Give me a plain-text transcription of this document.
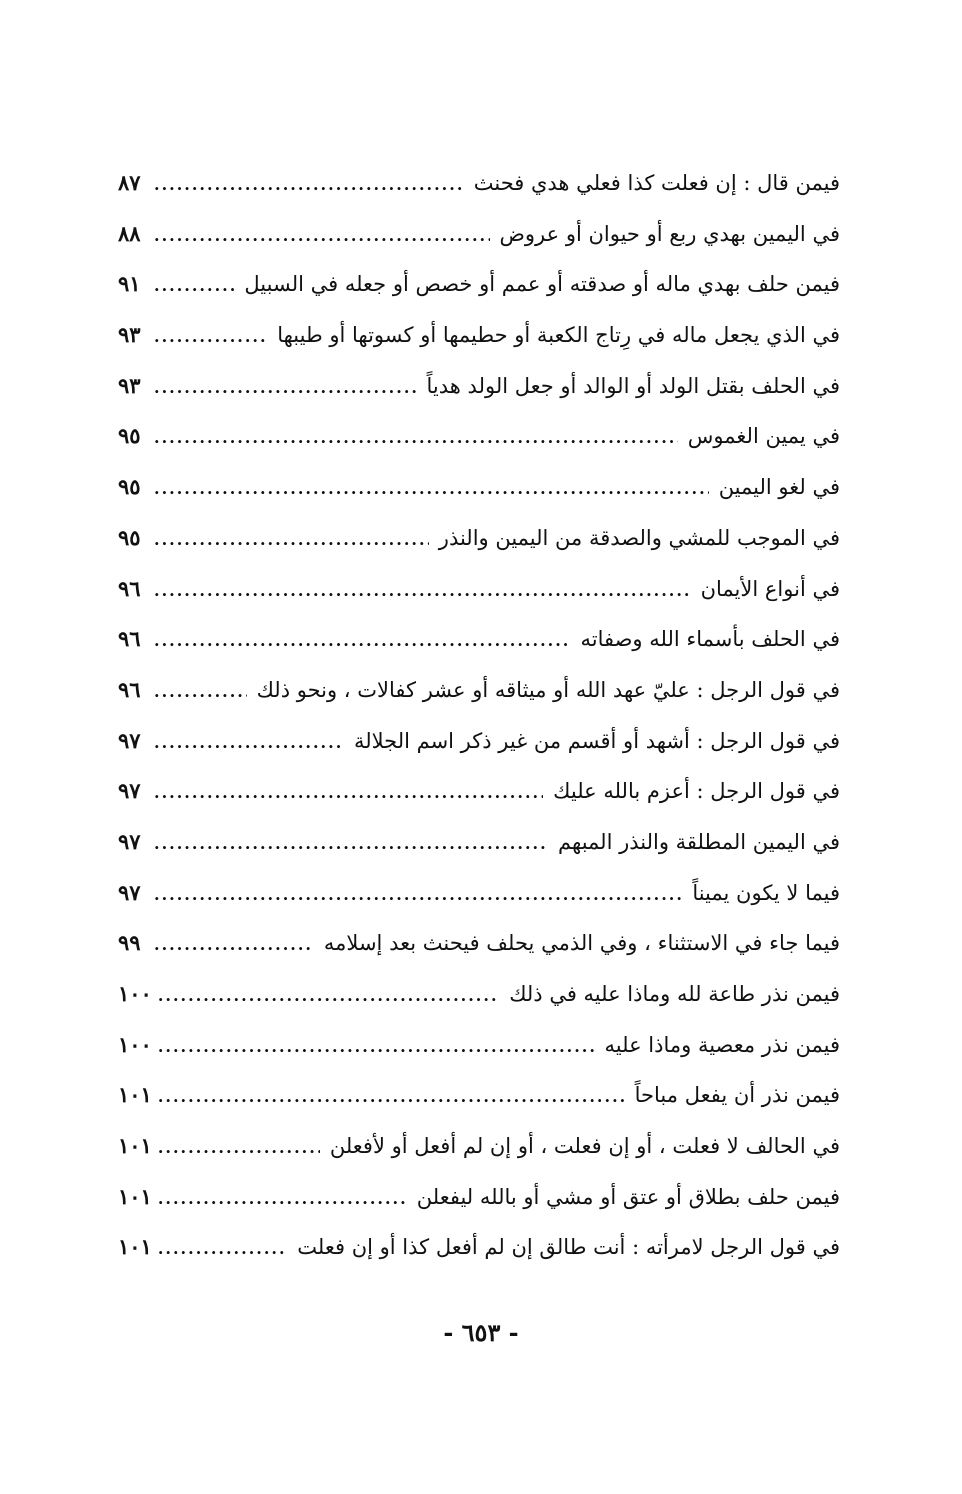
فيمن قال : إن فعلت كذا فعلي هدي فحنث
.....
٨٧
في اليمين بهدي ربع أو حيوان أو عروض
.....
٨٨
فيمن حلف بهدي ماله أو صدقته أو عمم أو خصص أو جعله في السبيل
.....
٩١
في الذي يجعل ماله في رِتاج الكعبة أو حطيمها أو كسوتها أو طيبها
.....
٩٣
في الحلف بقتل الولد أو الوالد أو جعل الولد هدياً
.....
٩٣
في يمين الغموس
.....
٩٥
في لغو اليمين
.....
٩٥
في الموجب للمشي والصدقة من اليمين والنذر
.....
٩٥
في أنواع الأيمان
.....
٩٦
في الحلف بأسماء الله وصفاته
.....
٩٦
في قول الرجل : عليّ عهد الله أو ميثاقه أو عشر كفالات ، ونحو ذلك
.....
٩٦
في قول الرجل : أشهد أو أقسم من غير ذكر اسم الجلالة
.....
٩٧
في قول الرجل : أعزم بالله عليك
.....
٩٧
في اليمين المطلقة والنذر المبهم
.....
٩٧
فيما لا يكون يميناً
.....
٩٧
فيما جاء في الاستثناء ، وفي الذمي يحلف فيحنث بعد إسلامه
.....
٩٩
فيمن نذر طاعة لله وماذا عليه في ذلك
.....
١٠٠
فيمن نذر معصية وماذا عليه
.....
١٠٠
فيمن نذر أن يفعل مباحاً
.....
١٠١
في الحالف لا فعلت ، أو إن فعلت ، أو إن لم أفعل أو لأفعلن
.....
١٠١
فيمن حلف بطلاق أو عتق أو مشي أو بالله ليفعلن
.....
١٠١
في قول الرجل لامرأته : أنت طالق إن لم أفعل كذا أو إن فعلت
.....
١٠١
- ٦٥٣ -
